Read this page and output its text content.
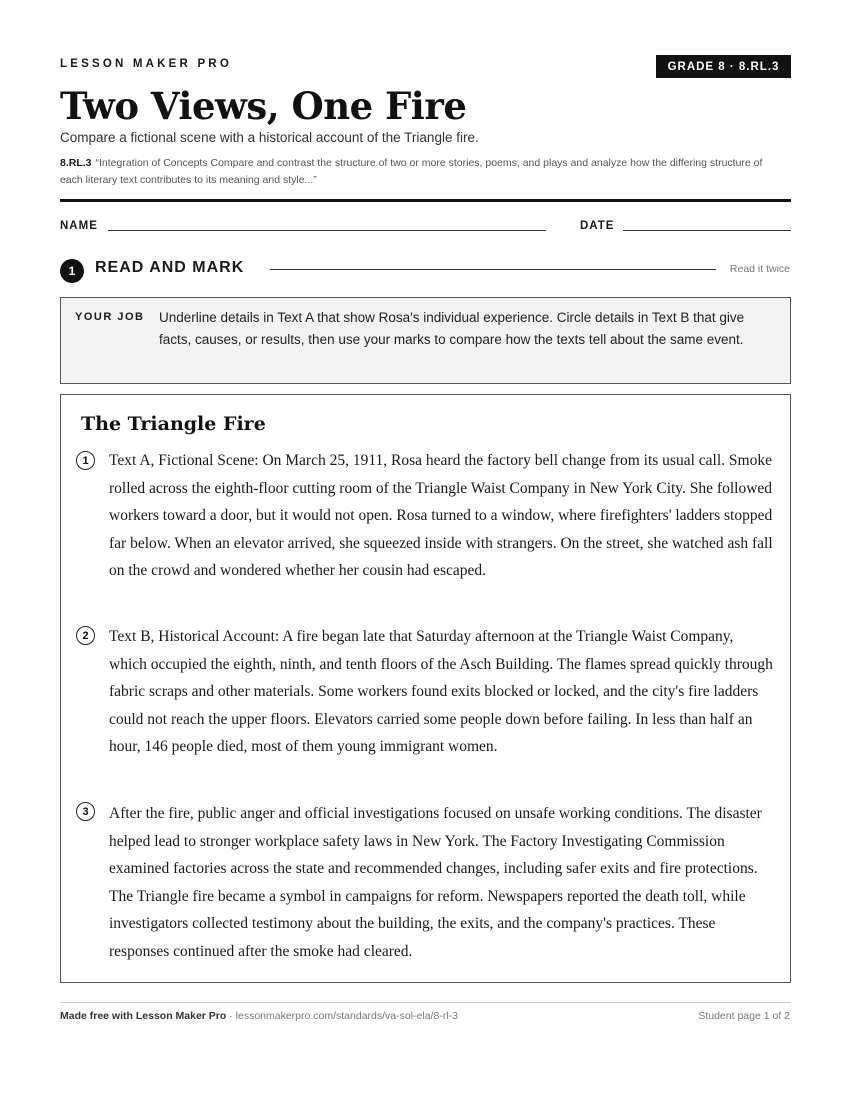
LESSON MAKER PRO	GRADE 8 · 8.RL.3
Two Views, One Fire
Compare a fictional scene with a historical account of the Triangle fire.
8.RL.3 “Integration of Concepts Compare and contrast the structure of two or more stories, poems, and plays and analyze how the differing structure of each literary text contributes to its meaning and style...”
NAME	DATE
1	READ AND MARK	Read it twice
YOUR JOB Underline details in Text A that show Rosa's individual experience. Circle details in Text B that give facts, causes, or results, then use your marks to compare how the texts tell about the same event.
The Triangle Fire
1	Text A, Fictional Scene: On March 25, 1911, Rosa heard the factory bell change from its usual call. Smoke rolled across the eighth-floor cutting room of the Triangle Waist Company in New York City. She followed workers toward a door, but it would not open. Rosa turned to a window, where firefighters' ladders stopped far below. When an elevator arrived, she squeezed inside with strangers. On the street, she watched ash fall on the crowd and wondered whether her cousin had escaped.

2	Text B, Historical Account: A fire began late that Saturday afternoon at the Triangle Waist Company, which occupied the eighth, ninth, and tenth floors of the Asch Building. The flames spread quickly through fabric scraps and other materials. Some workers found exits blocked or locked, and the city's fire ladders could not reach the upper floors. Elevators carried some people down before failing. In less than half an hour, 146 people died, most of them young immigrant women.

3	After the fire, public anger and official investigations focused on unsafe working conditions. The disaster helped lead to stronger workplace safety laws in New York. The Factory Investigating Commission examined factories across the state and recommended changes, including safer exits and fire protections. The Triangle fire became a symbol in campaigns for reform. Newspapers reported the death toll, while investigators collected testimony about the building, the exits, and the company's practices. These responses continued after the smoke had cleared.

Made free with Lesson Maker Pro · lessonmakerpro.com/standards/va-sol-ela/8-rl-3	Student page 1 of 2
